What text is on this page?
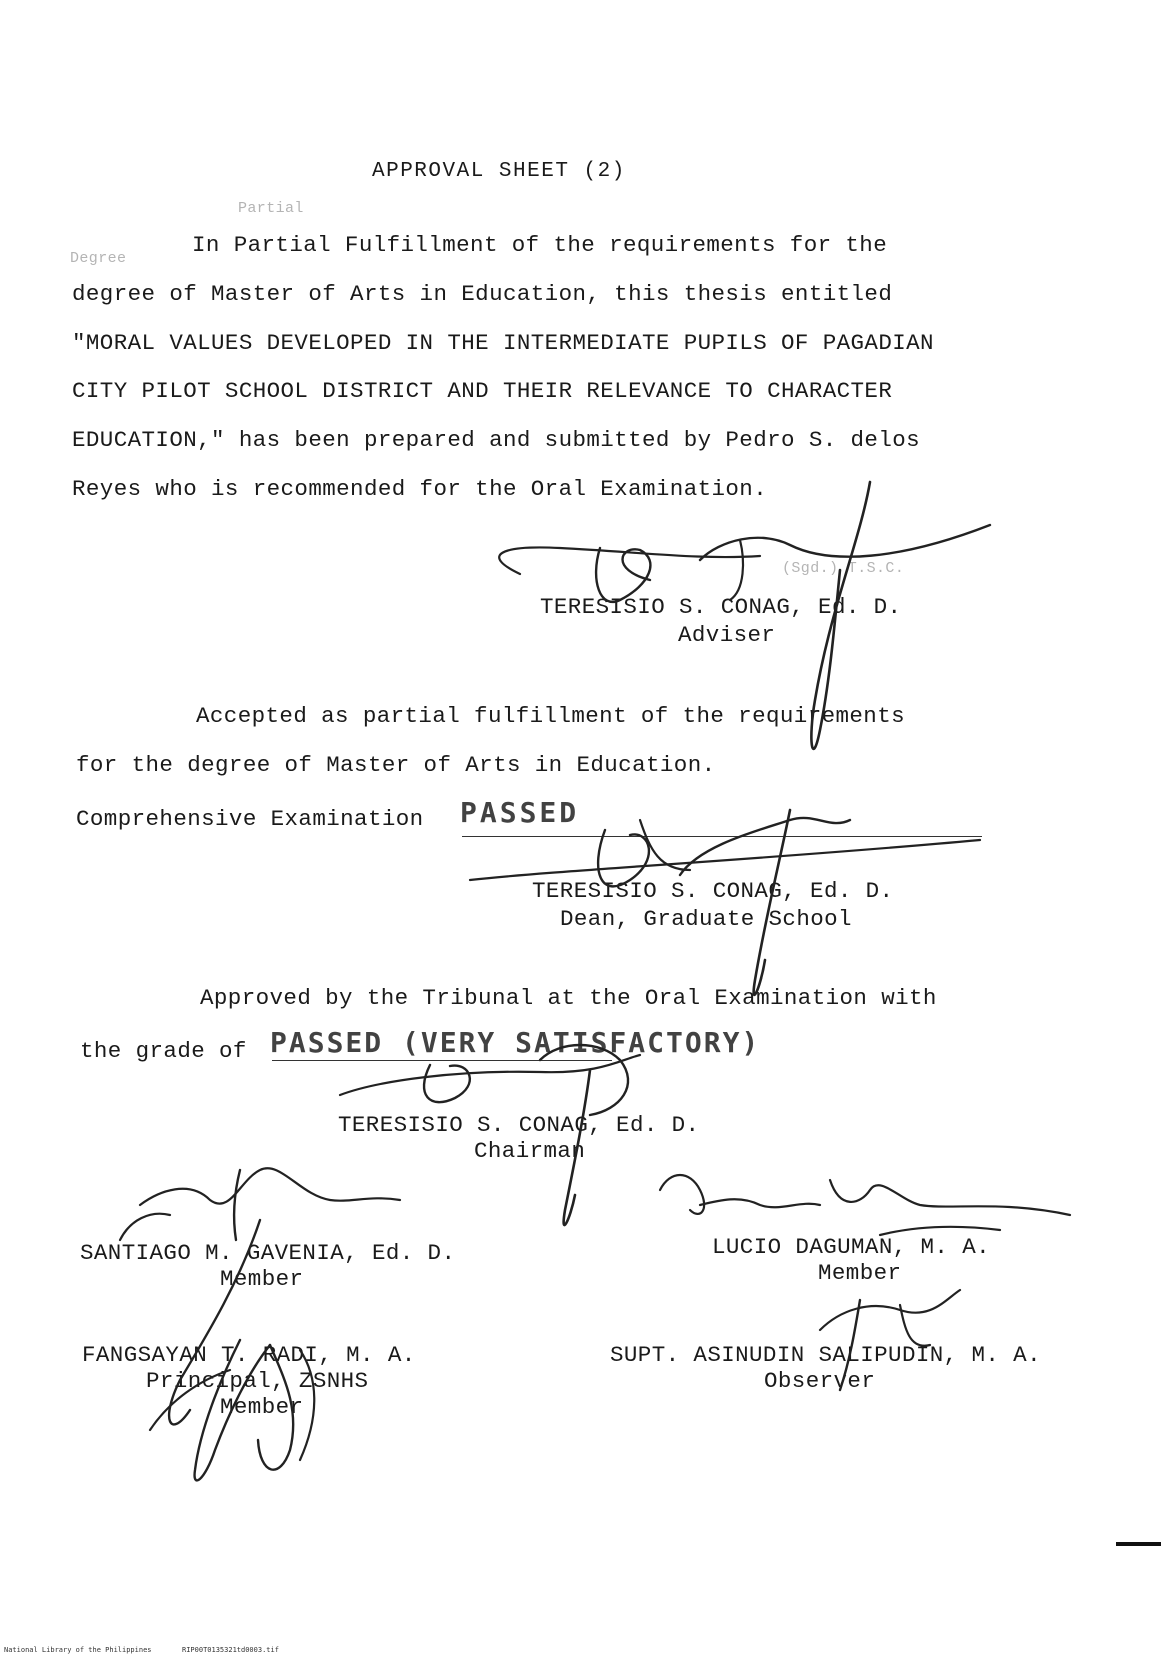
APPROVAL SHEET (2)
Partial
Degree
In Partial Fulfillment of the requirements for the
degree of Master of Arts in Education, this thesis entitled
"MORAL VALUES DEVELOPED IN THE INTERMEDIATE PUPILS OF PAGADIAN
CITY PILOT SCHOOL DISTRICT AND THEIR RELEVANCE TO CHARACTER
EDUCATION," has been prepared and submitted by Pedro S. delos
Reyes who is recommended for the Oral Examination.
(Sgd.) T.S.C.
TERESISIO S. CONAG, Ed. D.
Adviser
Accepted as partial fulfillment of the requirements
for the degree of Master of Arts in Education.
Comprehensive Examination PASSED
TERESISIO S. CONAG, Ed. D.
Dean, Graduate School
Approved by the Tribunal at the Oral Examination with
the grade of PASSED (VERY SATISFACTORY)
TERESISIO S. CONAG, Ed. D.
Chairman
SANTIAGO M. GAVENIA, Ed. D.
Member
LUCIO DAGUMAN, M. A.
Member
FANGSAYAN T. RADI, M. A.
Principal, ZSNHS
Member
SUPT. ASINUDIN SALIPUDIN, M. A.
Observer
National Library of the Philippines	RIP00T0135321td0003.tif
